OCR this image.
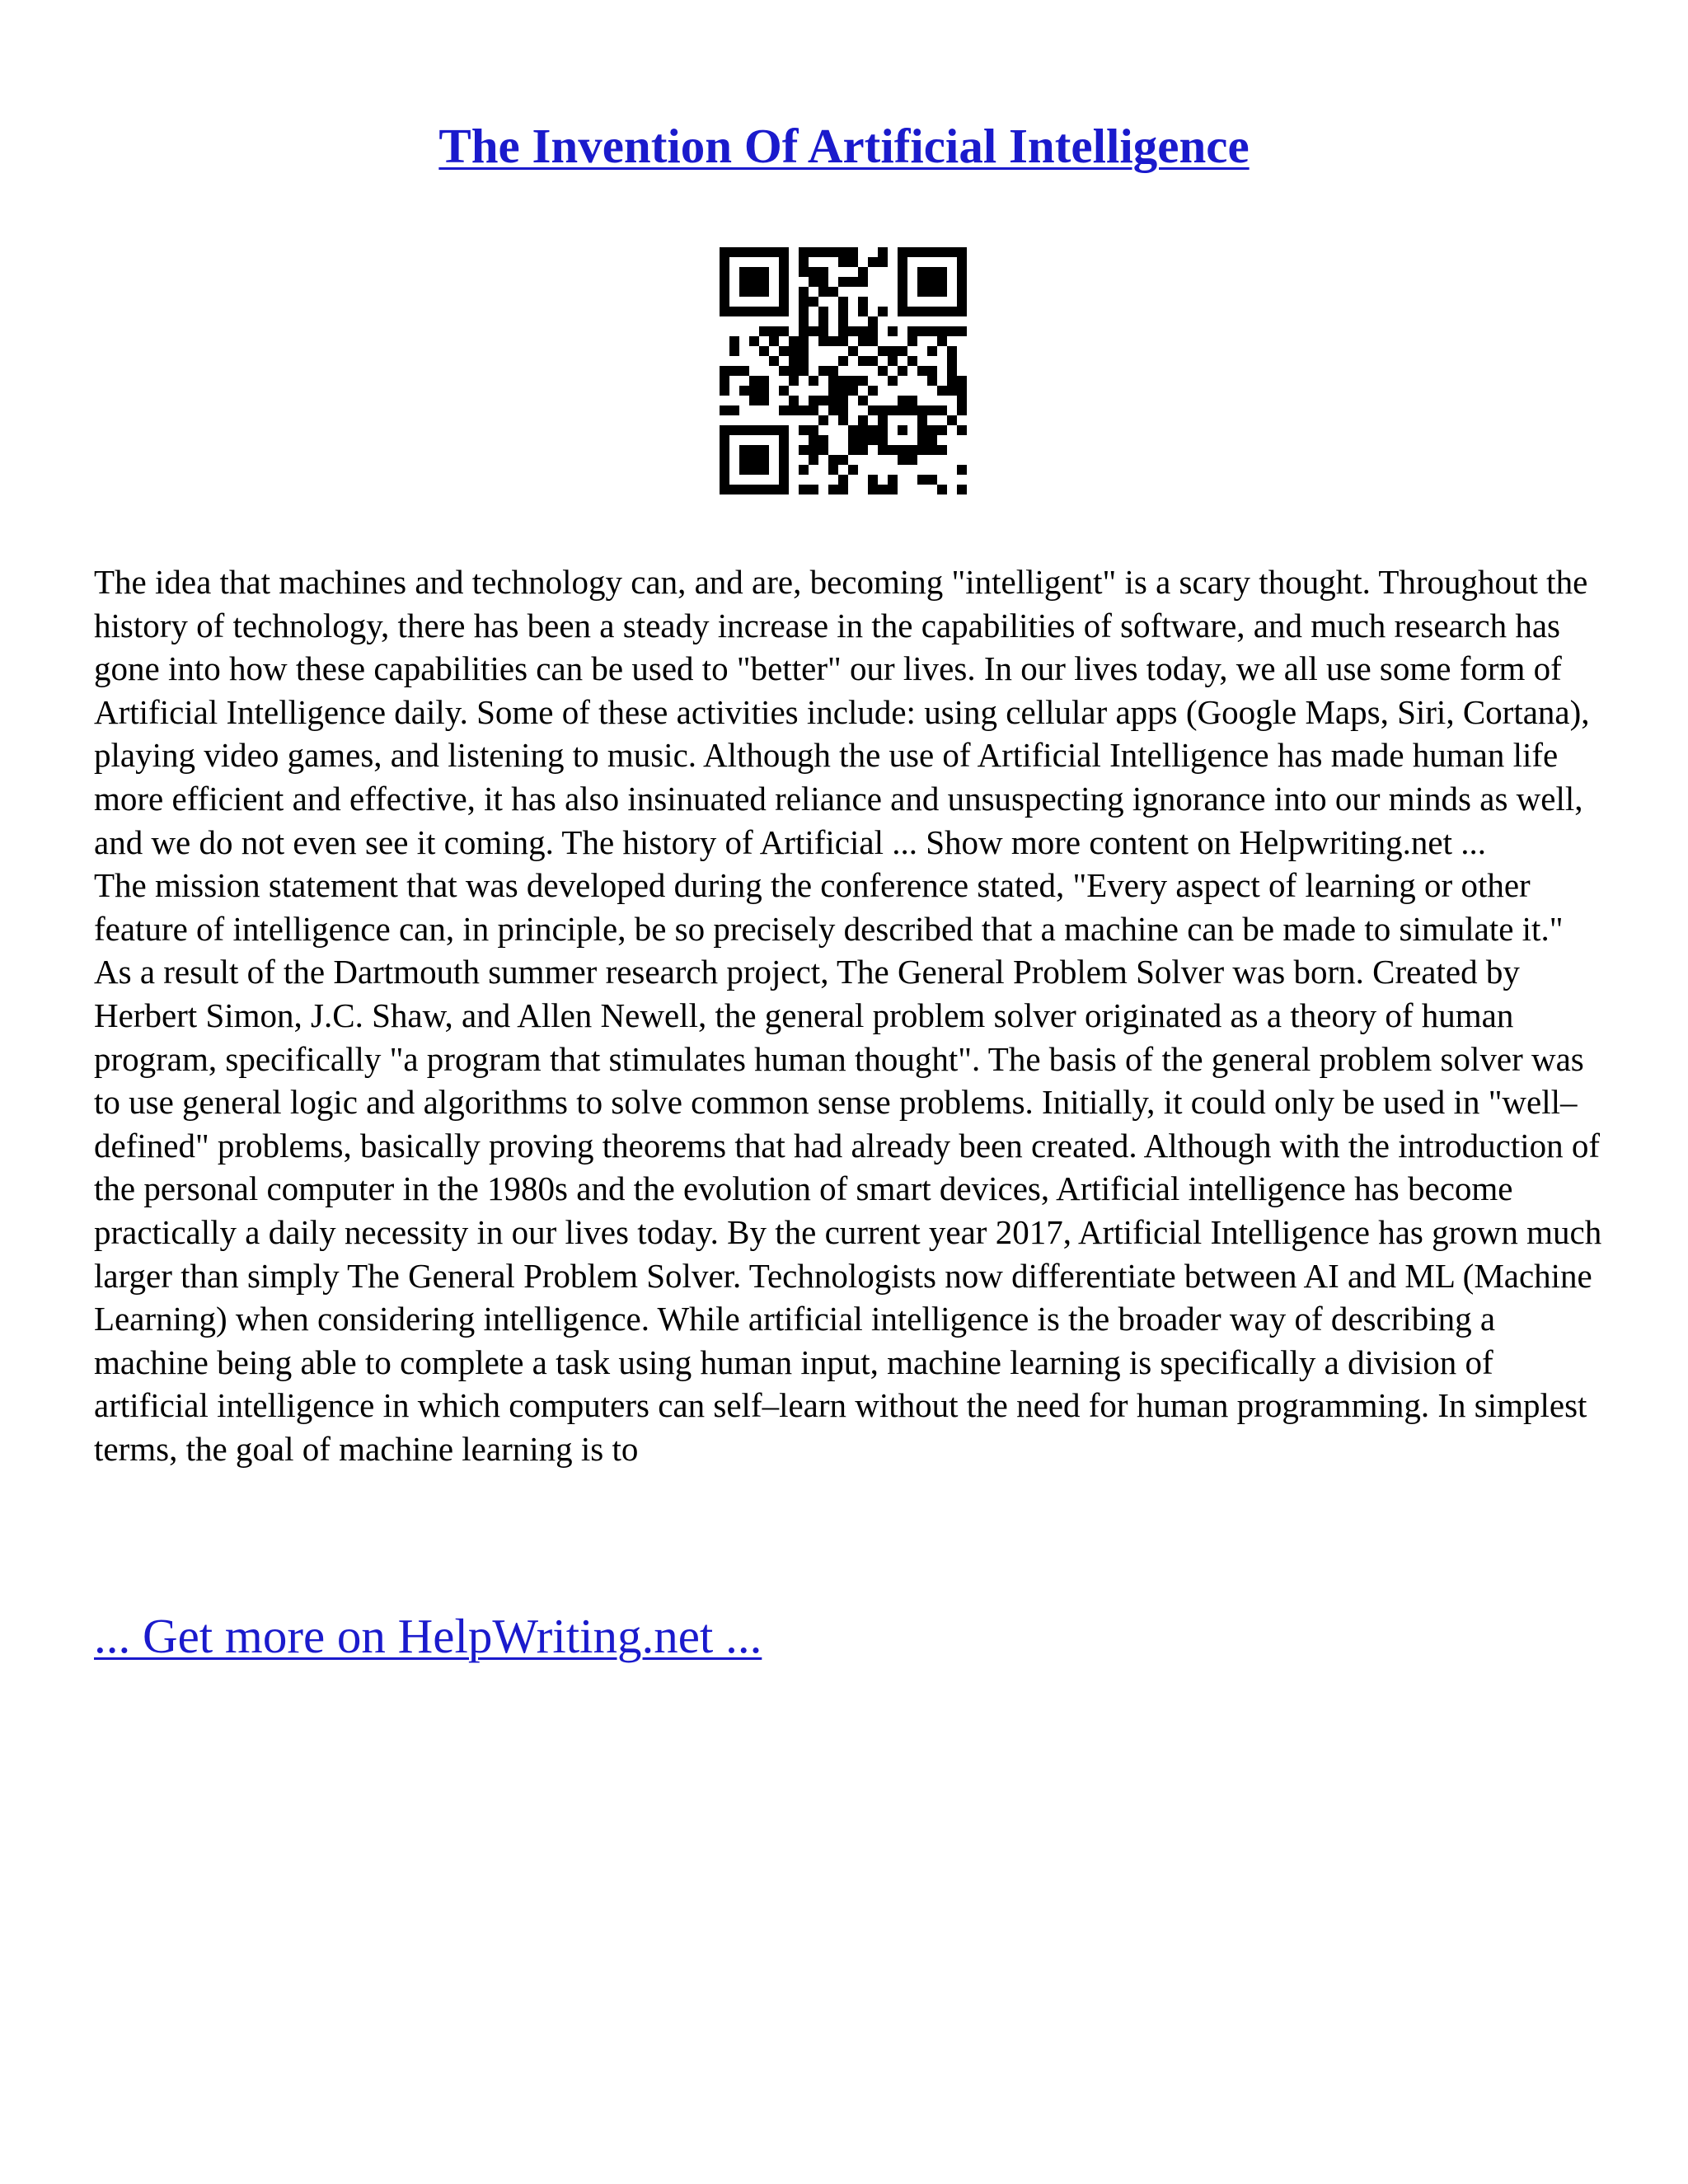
The Invention Of Artificial Intelligence

The idea that machines and technology can, and are, becoming "intelligent" is a scary thought. Throughout the history of technology, there has been a steady increase in the capabilities of software, and much research has gone into how these capabilities can be used to "better" our lives. In our lives today, we all use some form of Artificial Intelligence daily. Some of these activities include: using cellular apps (Google Maps, Siri, Cortana), playing video games, and listening to music. Although the use of Artificial Intelligence has made human life more efficient and effective, it has also insinuated reliance and unsuspecting ignorance into our minds as well, and we do not even see it coming. The history of Artificial ... Show more content on Helpwriting.net ...

The mission statement that was developed during the conference stated, "Every aspect of learning or other feature of intelligence can, in principle, be so precisely described that a machine can be made to simulate it." As a result of the Dartmouth summer research project, The General Problem Solver was born. Created by Herbert Simon, J.C. Shaw, and Allen Newell, the general problem solver originated as a theory of human program, specifically "a program that stimulates human thought". The basis of the general problem solver was to use general logic and algorithms to solve common sense problems. Initially, it could only be used in "well–defined" problems, basically proving theorems that had already been created. Although with the introduction of the personal computer in the 1980s and the evolution of smart devices, Artificial intelligence has become practically a daily necessity in our lives today. By the current year 2017, Artificial Intelligence has grown much larger than simply The General Problem Solver. Technologists now differentiate between AI and ML (Machine Learning) when considering intelligence. While artificial intelligence is the broader way of describing a machine being able to complete a task using human input, machine learning is specifically a division of artificial intelligence in which computers can self–learn without the need for human programming. In simplest terms, the goal of machine learning is to

... Get more on HelpWriting.net ...
